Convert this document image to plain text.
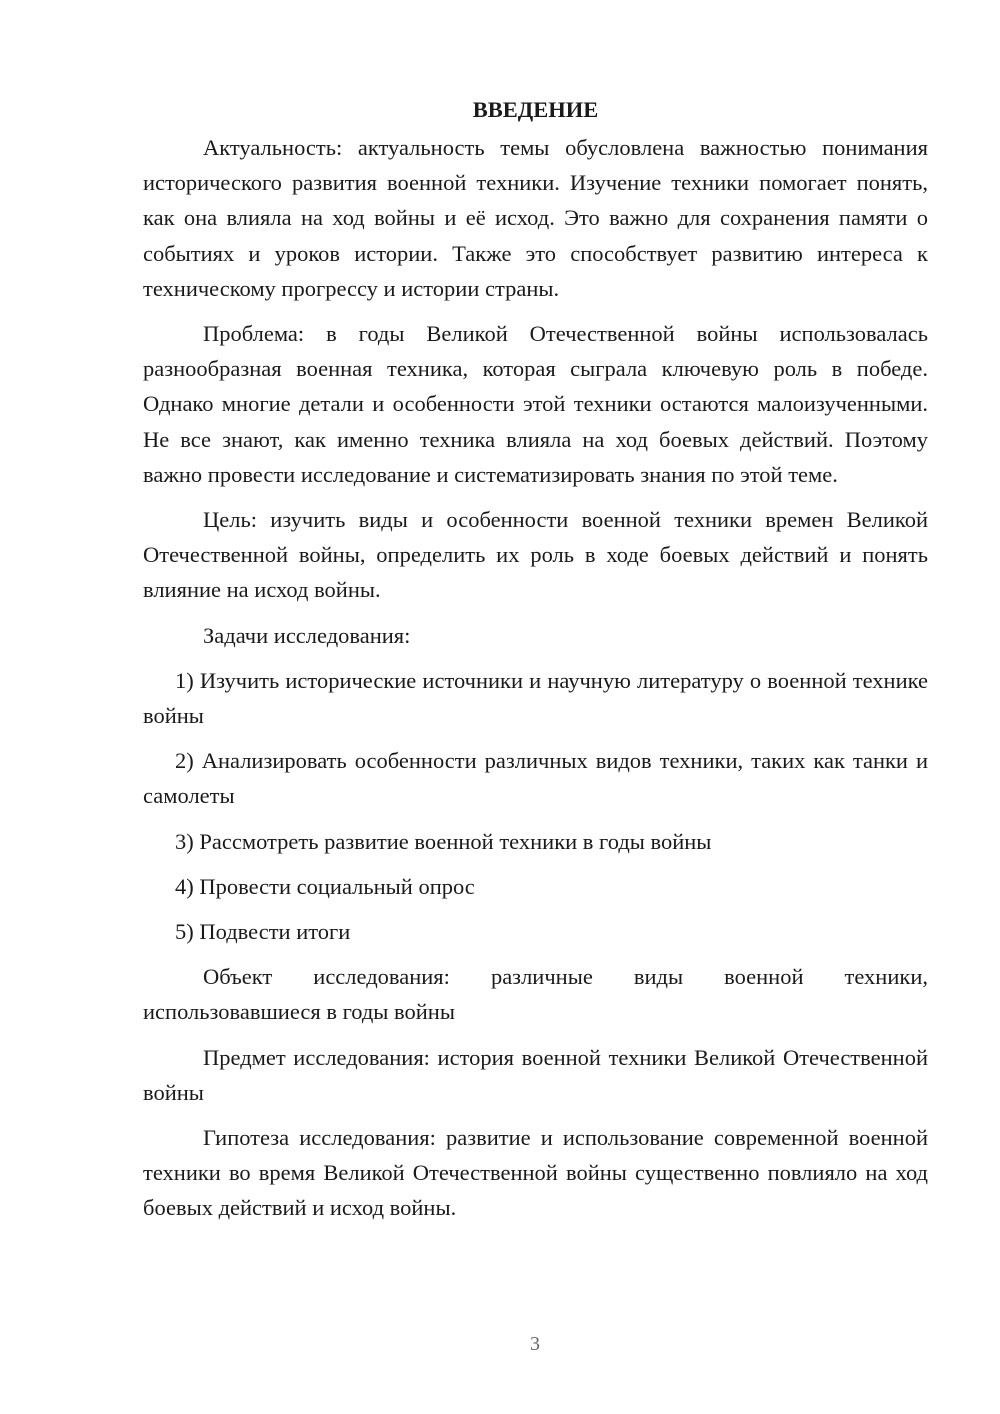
ВВЕДЕНИЕ

Актуальность: актуальность темы обусловлена важностью понимания исторического развития военной техники. Изучение техники помогает понять, как она влияла на ход войны и её исход. Это важно для сохранения памяти о событиях и уроков истории. Также это способствует развитию интереса к техническому прогрессу и истории страны.

Проблема: в годы Великой Отечественной войны использовалась разнообразная военная техника, которая сыграла ключевую роль в победе. Однако многие детали и особенности этой техники остаются малоизученными. Не все знают, как именно техника влияла на ход боевых действий. Поэтому важно провести исследование и систематизировать знания по этой теме.

Цель: изучить виды и особенности военной техники времен Великой Отечественной войны, определить их роль в ходе боевых действий и понять влияние на исход войны.

Задачи исследования:

1) Изучить исторические источники и научную литературу о военной технике войны

2) Анализировать особенности различных видов техники, таких как танки и самолеты

3) Рассмотреть развитие военной техники в годы войны

4) Провести социальный опрос

5) Подвести итоги

Объект исследования: различные виды военной техники, использовавшиеся в годы войны

Предмет исследования: история военной техники Великой Отечественной войны

Гипотеза исследования: развитие и использование современной военной техники во время Великой Отечественной войны существенно повлияло на ход боевых действий и исход войны.

3
